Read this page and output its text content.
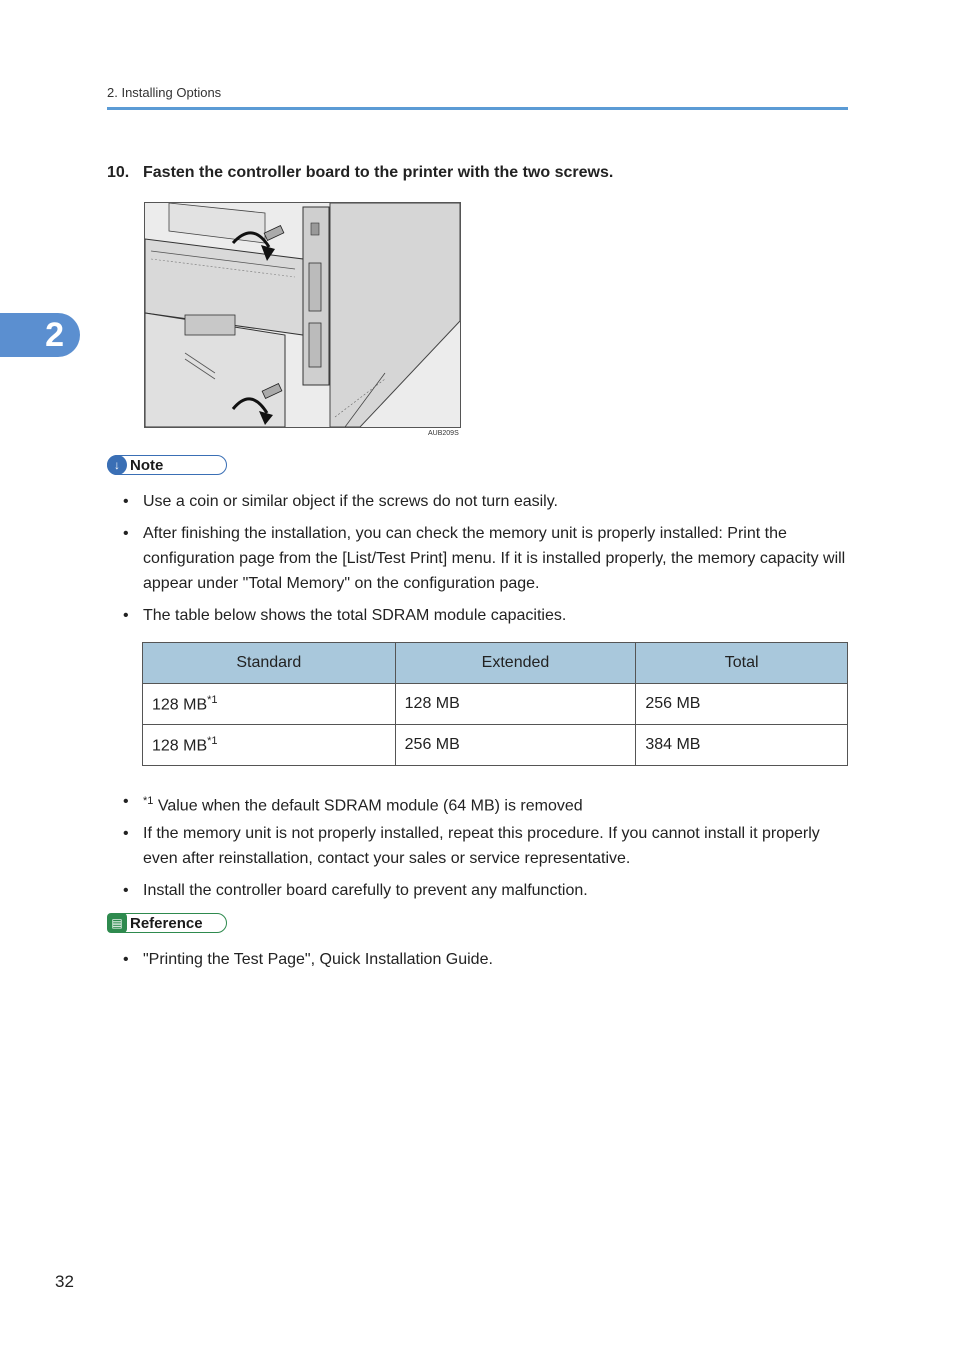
2. Installing Options
2
10. Fasten the controller board to the printer with the two screws.
AUB209S
↓ Note
• Use a coin or similar object if the screws do not turn easily.
• After finishing the installation, you can check the memory unit is properly installed: Print the configuration page from the [List/Test Print] menu. If it is installed properly, the memory capacity will appear under "Total Memory" on the configuration page.
• The table below shows the total SDRAM module capacities.
Standard	Extended	Total
128 MB$^{*1}$	128 MB	256 MB
128 MB$^{*1}$	256 MB	384 MB
• $^{*1}$ Value when the default SDRAM module (64 MB) is removed
• If the memory unit is not properly installed, repeat this procedure. If you cannot install it properly even after reinstallation, contact your sales or service representative.
• Install the controller board carefully to prevent any malfunction.
▤ Reference
• "Printing the Test Page", Quick Installation Guide.
32
